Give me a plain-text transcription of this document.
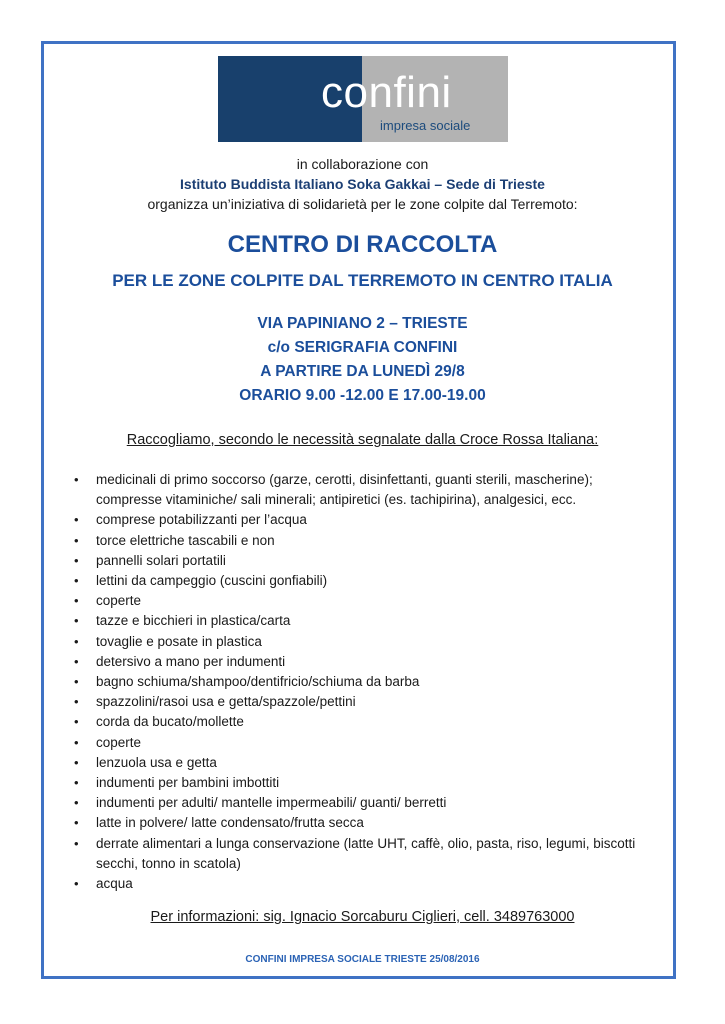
confini
impresa sociale
in collaborazione con
Istituto Buddista Italiano Soka Gakkai – Sede di Trieste
organizza un’iniziativa di solidarietà per le zone colpite dal Terremoto:
CENTRO DI RACCOLTA
PER LE ZONE COLPITE DAL TERREMOTO IN CENTRO ITALIA
VIA PAPINIANO 2 – TRIESTE
c/o SERIGRAFIA CONFINI
A PARTIRE DA LUNEDÌ 29/8
ORARIO 9.00 -12.00 E 17.00-19.00
Raccogliamo, secondo le necessità segnalate dalla Croce Rossa Italiana:
• medicinali di primo soccorso (garze, cerotti, disinfettanti, guanti sterili, mascherine); compresse vitaminiche/ sali minerali; antipiretici (es. tachipirina), analgesici, ecc.
• comprese potabilizzanti per l’acqua
• torce elettriche tascabili e non
• pannelli solari portatili
• lettini da campeggio (cuscini gonfiabili)
• coperte
• tazze e bicchieri in plastica/carta
• tovaglie e posate in plastica
• detersivo a mano per indumenti
• bagno schiuma/shampoo/dentifricio/schiuma da barba
• spazzolini/rasoi usa e getta/spazzole/pettini
• corda da bucato/mollette
• coperte
• lenzuola usa e getta
• indumenti per bambini imbottiti
• indumenti per adulti/ mantelle impermeabili/ guanti/ berretti
• latte in polvere/ latte condensato/frutta secca
• derrate alimentari a lunga conservazione (latte UHT, caffè, olio, pasta, riso, legumi, biscotti secchi, tonno in scatola)
• acqua
Per informazioni: sig. Ignacio Sorcaburu Ciglieri, cell. 3489763000
CONFINI IMPRESA SOCIALE TRIESTE 25/08/2016
